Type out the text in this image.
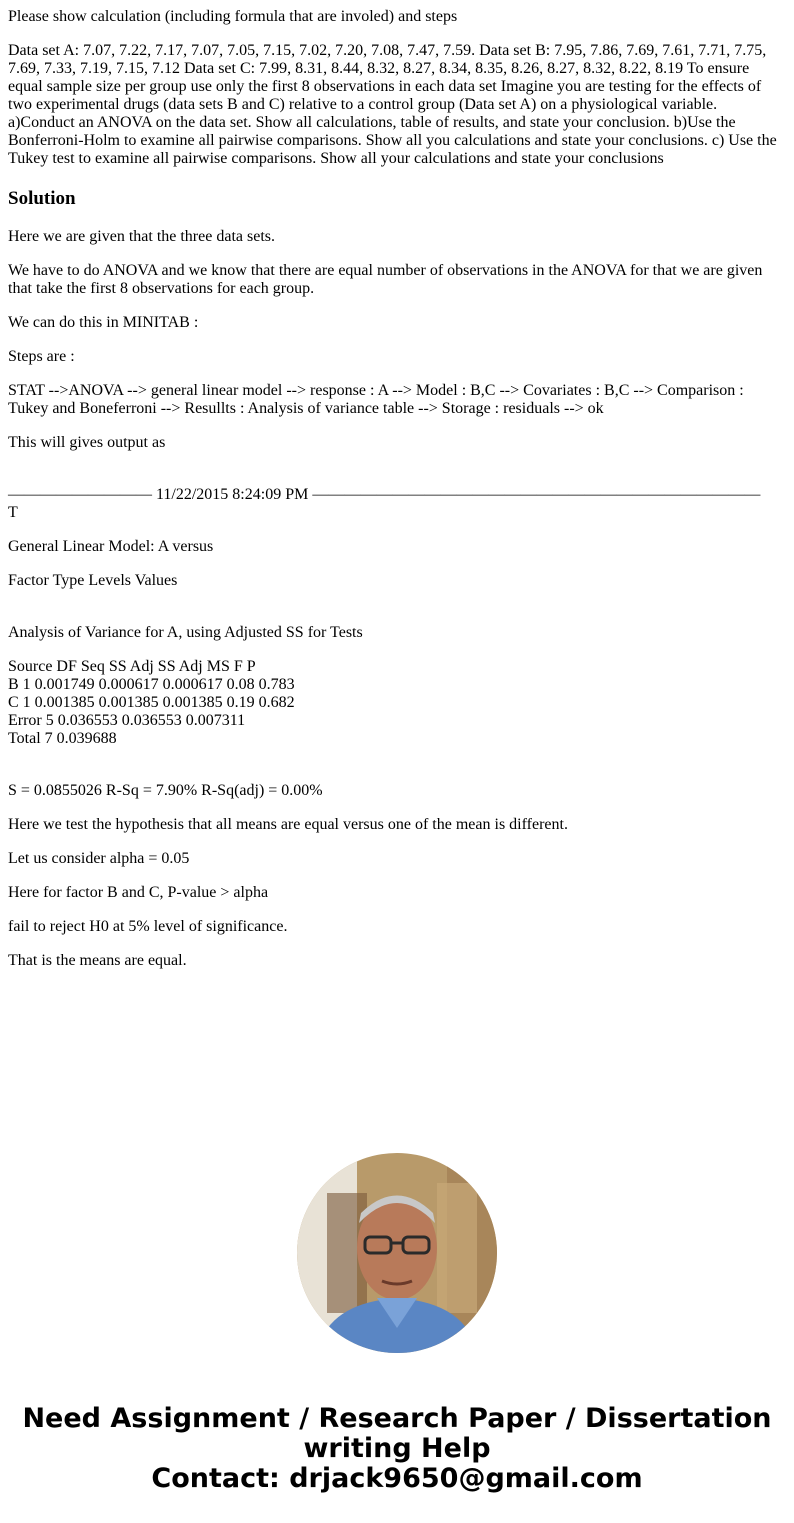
Please show calculation (including formula that are involed) and steps

Data set A: 7.07, 7.22, 7.17, 7.07, 7.05, 7.15, 7.02, 7.20, 7.08, 7.47, 7.59. Data set B: 7.95, 7.86, 7.69, 7.61, 7.71, 7.75, 7.69, 7.33, 7.19, 7.15, 7.12 Data set C: 7.99, 8.31, 8.44, 8.32, 8.27, 8.34, 8.35, 8.26, 8.27, 8.32, 8.22, 8.19 To ensure equal sample size per group use only the first 8 observations in each data set Imagine you are testing for the effects of two experimental drugs (data sets B and C) relative to a control group (Data set A) on a physiological variable. a)Conduct an ANOVA on the data set. Show all calculations, table of results, and state your conclusion. b)Use the Bonferroni-Holm to examine all pairwise comparisons. Show all you calculations and state your conclusions. c) Use the Tukey test to examine all pairwise comparisons. Show all your calculations and state your conclusions

Solution

Here we are given that the three data sets.

We have to do ANOVA and we know that there are equal number of observations in the ANOVA for that we are given that take the first 8 observations for each group.

We can do this in MINITAB :

Steps are :

STAT -->ANOVA --> general linear model --> response : A --> Model : B,C --> Covariates : B,C --> Comparison : Tukey and Boneferroni --> Resullts : Analysis of variance table --> Storage : residuals --> ok

This will gives output as

————————— 11/22/2015 8:24:09 PM ————————————————————————————
T

General Linear Model: A versus

Factor Type Levels Values

Analysis of Variance for A, using Adjusted SS for Tests

Source DF Seq SS Adj SS Adj MS F P
B 1 0.001749 0.000617 0.000617 0.08 0.783
C 1 0.001385 0.001385 0.001385 0.19 0.682
Error 5 0.036553 0.036553 0.007311
Total 7 0.039688

S = 0.0855026 R-Sq = 7.90% R-Sq(adj) = 0.00%

Here we test the hypothesis that all means are equal versus one of the mean is different.

Let us consider alpha = 0.05

Here for factor B and C, P-value > alpha

fail to reject H0 at 5% level of significance.

That is the means are equal.

Need Assignment / Research Paper / Dissertation
writing Help
Contact: drjack9650@gmail.com
